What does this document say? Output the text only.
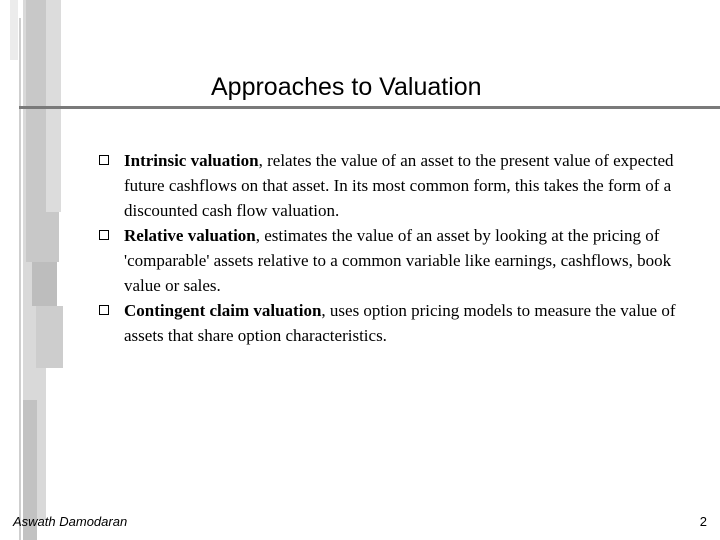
Approaches to Valuation
Intrinsic valuation, relates the value of an asset to the present value of expected future cashflows on that asset. In its most common form, this takes the form of a discounted cash flow valuation.
Relative valuation, estimates the value of an asset by looking at the pricing of 'comparable' assets relative to a common variable like earnings, cashflows, book value or sales.
Contingent claim valuation, uses option pricing models to measure the value of assets that share option characteristics.
Aswath Damodaran	2
